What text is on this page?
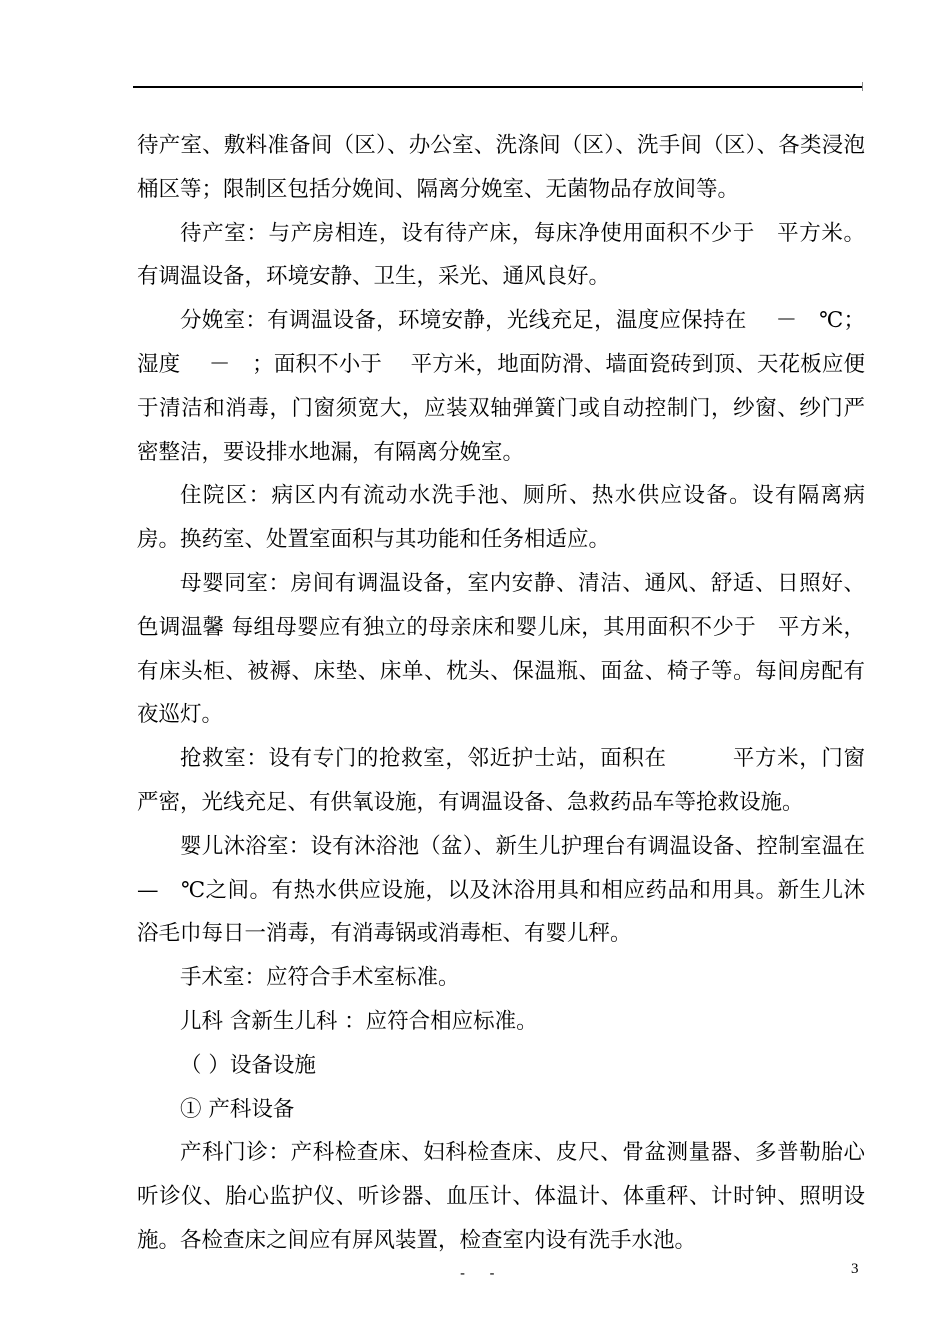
待产室、敷料准备间（区）、办公室、洗涤间（区）、洗手间（区）、各类浸泡桶区等；限制区包括分娩间、隔离分娩室、无菌物品存放间等。

待产室：与产房相连，设有待产床，每床净使用面积不少于　平方米。有调温设备，环境安静、卫生，采光、通风良好。

分娩室：有调温设备，环境安静，光线充足，温度应保持在　 －　℃；湿度　 －　；面积不小于　 平方米，地面防滑、墙面瓷砖到顶、天花板应便于清洁和消毒，门窗须宽大，应装双轴弹簧门或自动控制门，纱窗、纱门严密整洁，要设排水地漏，有隔离分娩室。

住院区：病区内有流动水洗手池、厕所、热水供应设备。设有隔离病房。换药室、处置室面积与其功能和任务相适应。

母婴同室：房间有调温设备，室内安静、清洁、通风、舒适、日照好、色调温馨 每组母婴应有独立的母亲床和婴儿床，其用面积不少于　平方米，有床头柜、被褥、床垫、床单、枕头、保温瓶、面盆、椅子等。每间房配有夜巡灯。

抢救室：设有专门的抢救室，邻近护士站，面积在　　　平方米，门窗严密，光线充足、有供氧设施，有调温设备、急救药品车等抢救设施。

婴儿沐浴室：设有沐浴池（盆）、新生儿护理台有调温设备、控制室温在　 —　℃之间。有热水供应设施，以及沐浴用具和相应药品和用具。新生儿沐浴毛巾每日一消毒，有消毒锅或消毒柜、有婴儿秤。

手术室：应符合手术室标准。

儿科 含新生儿科 ：应符合相应标准。

（ ）设备设施

① 产科设备

产科门诊：产科检查床、妇科检查床、皮尺、骨盆测量器、多普勒胎心听诊仪、胎心监护仪、听诊器、血压计、体温计、体重秤、计时钟、照明设施。各检查床之间应有屏风装置，检查室内设有洗手水池。

- -	3
